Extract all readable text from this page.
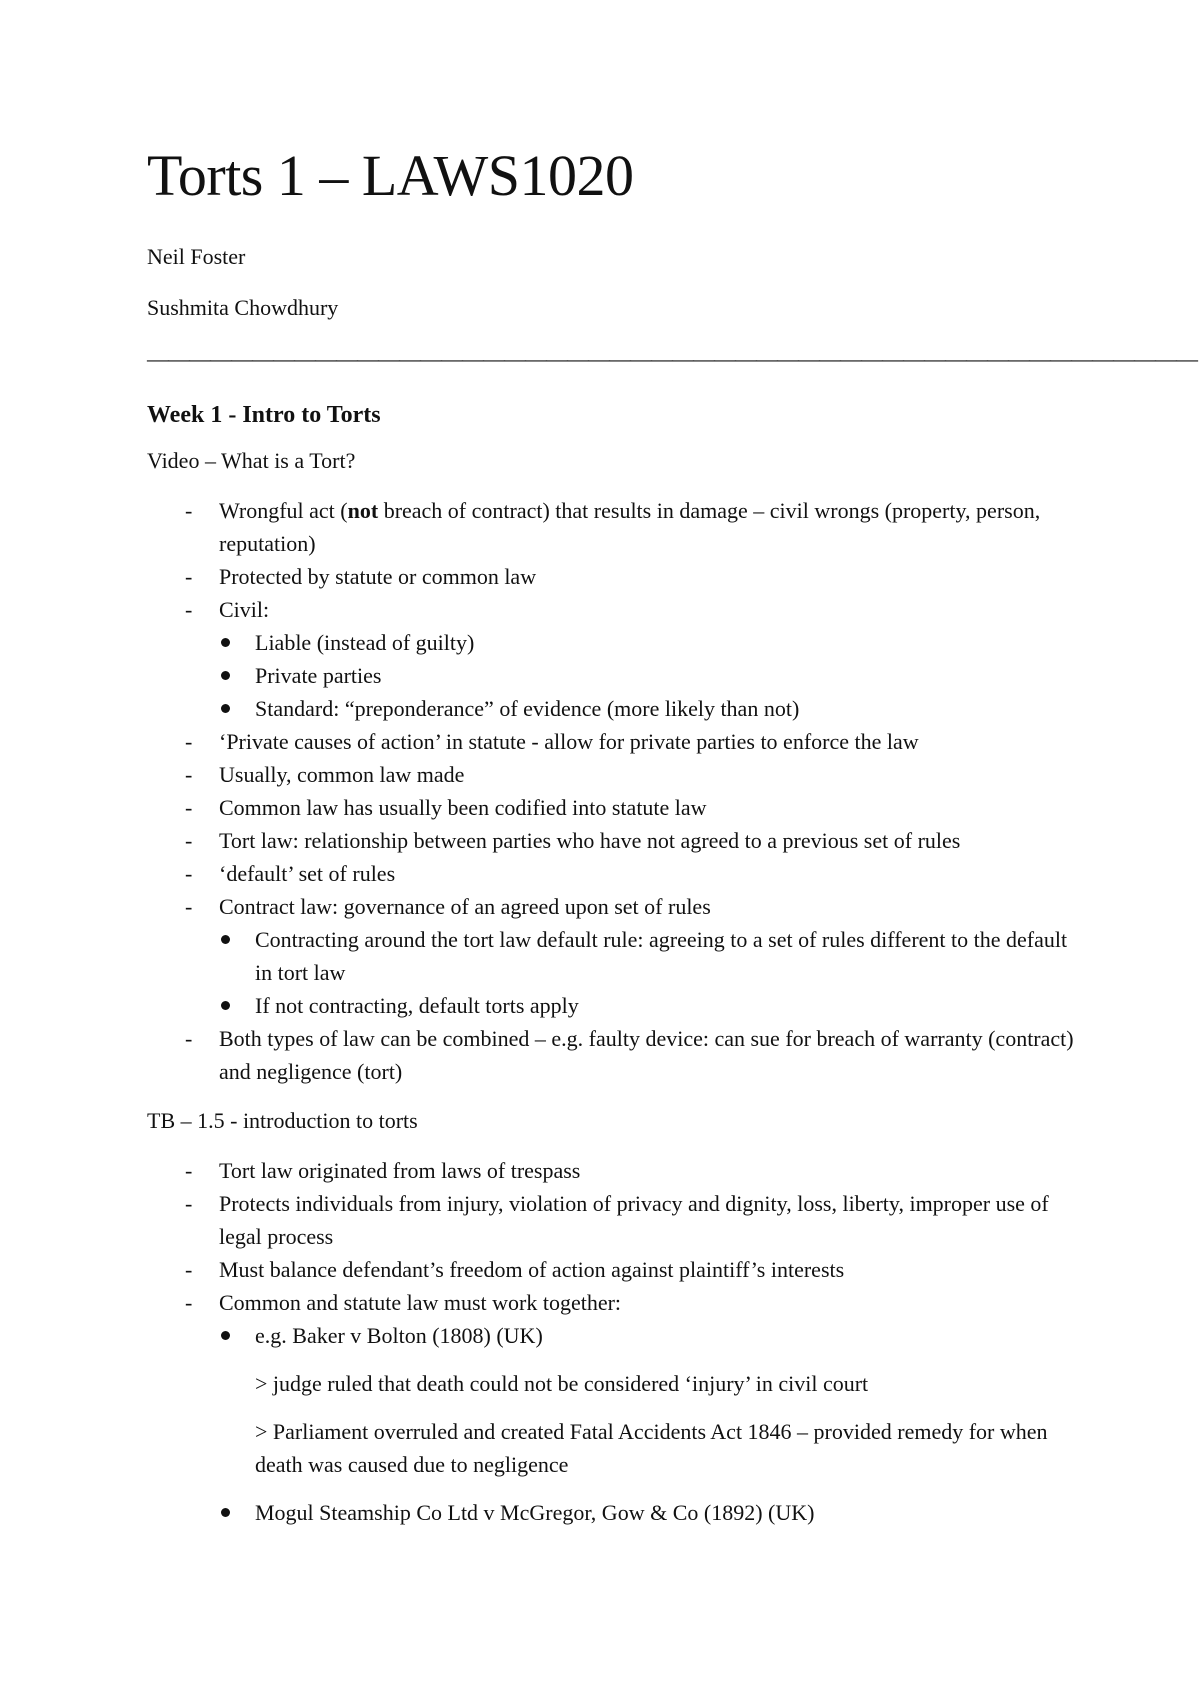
Torts 1 – LAWS1020

Neil Foster

Sushmita Chowdhury

——————————————————————————————————————————————————
Week 1 - Intro to Torts

Video – What is a Tort?

- Wrongful act (not breach of contract) that results in damage – civil wrongs (property, person, reputation)
- Protected by statute or common law
- Civil:
Liable (instead of guilty)
Private parties
Standard: “preponderance” of evidence (more likely than not)
- ‘Private causes of action’ in statute - allow for private parties to enforce the law
- Usually, common law made
- Common law has usually been codified into statute law
- Tort law: relationship between parties who have not agreed to a previous set of rules
- ‘default’ set of rules
- Contract law: governance of an agreed upon set of rules
Contracting around the tort law default rule: agreeing to a set of rules different to the default in tort law
If not contracting, default torts apply
- Both types of law can be combined – e.g. faulty device: can sue for breach of warranty (contract) and negligence (tort)

TB – 1.5 - introduction to torts

- Tort law originated from laws of trespass
- Protects individuals from injury, violation of privacy and dignity, loss, liberty, improper use of legal process
- Must balance defendant’s freedom of action against plaintiff’s interests
- Common and statute law must work together:
e.g. Baker v Bolton (1808) (UK)

> judge ruled that death could not be considered ‘injury’ in civil court

> Parliament overruled and created Fatal Accidents Act 1846 – provided remedy for when death was caused due to negligence

Mogul Steamship Co Ltd v McGregor, Gow & Co (1892) (UK)
